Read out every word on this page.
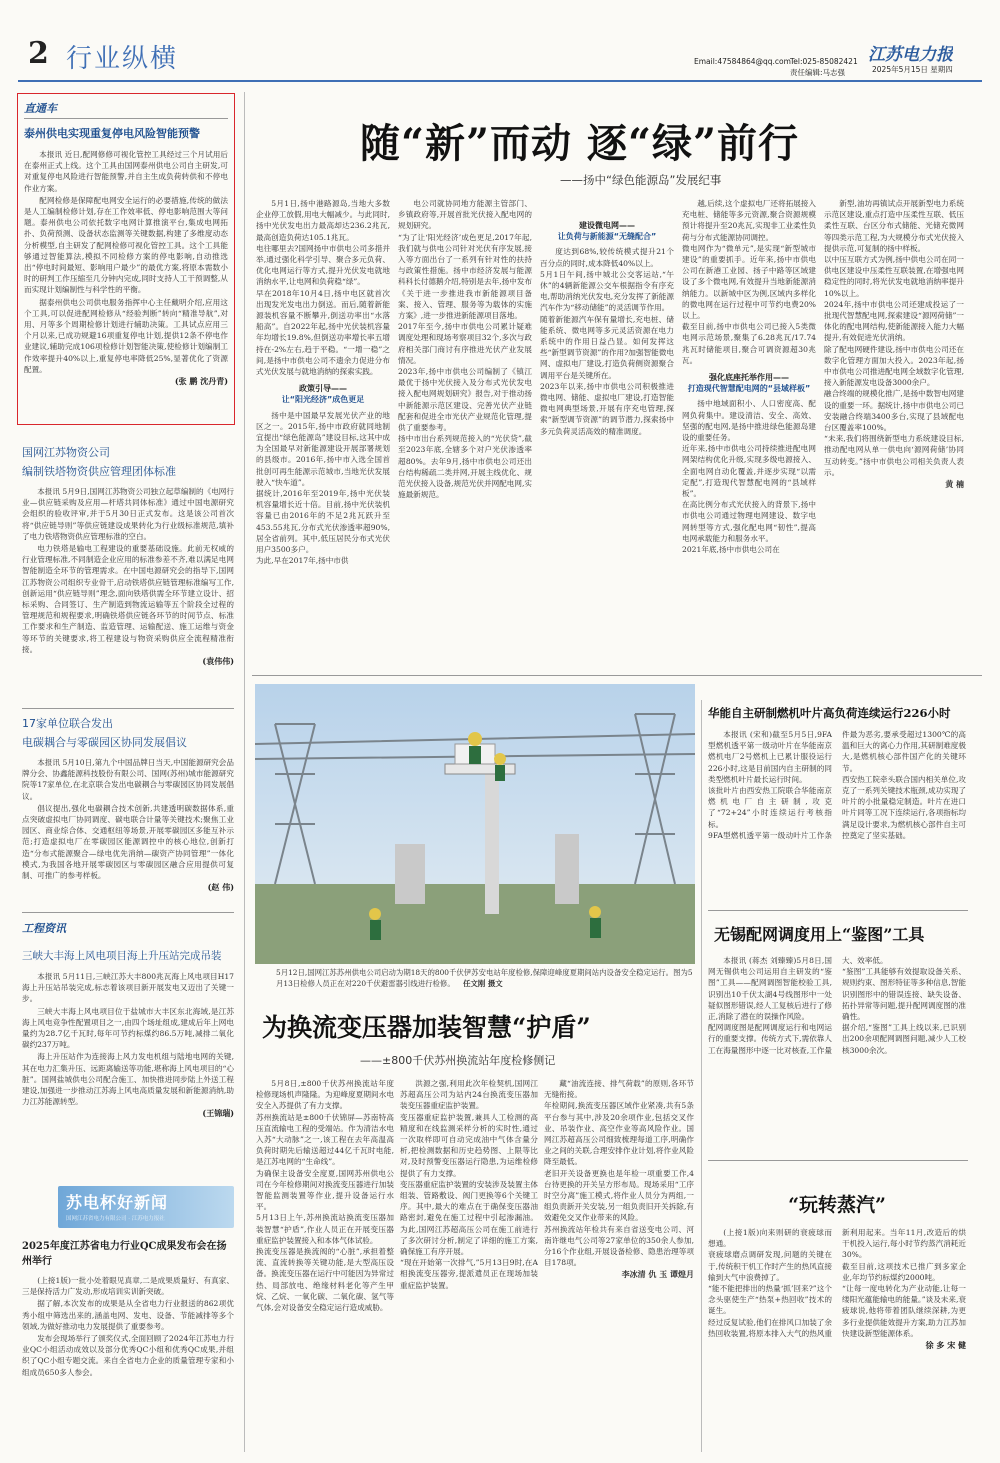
2 行业纵横	Email:47584864@qq.com Tel:025-85082421
责任编辑:马志强
江苏电力报
2025年5月15日 星期四
直通车
泰州供电实现重复停电风险智能预警

本报讯 近日,配网修修可视化管控工具经过三个月试用后在泰州正式上线。这个工具由国网泰州供电公司自主研发,可对重复停电风险进行智能预警,并自主生成负荷转供和不停电作业方案。

配网检修是保障配电网安全运行的必要措施,传统的做法是人工编制检修计划,存在工作效率低、停电影响范围大等问题。泰州供电公司依托数字电网计算推演平台,集成电网拓扑、负荷预测、设备状态监测等关键数据,构建了多维度动态分析模型,自主研发了配网检修可视化管控工具。这个工具能够通过智能算法,模拟不同检修方案的停电影响,自动推选出“停电时间最短、影响用户最少”的最优方案,将原本需数小时的研判工作压缩至几分钟内完成,同时支持人工干预调整,从而实现计划编制性与科学性的平衡。

据泰州供电公司供电服务指挥中心主任戴明介绍,应用这个工具,可以促进配网检修从“经验判断”转向“精准导航”,对用、月等多个周期检修计划进行辅助决策。工具试点应用三个月以来,已成功规避16项重复停电计划,提供12条不停电作业建议,辅助完成106项检修计划智能决策,使检修计划编制工作效率提升40%以上,重复停电率降低25%,显著优化了资源配置。

(张 鹏 沈丹青)
国网江苏物资公司
编制铁塔物资供应管理团体标准

本报讯 5月9日,国网江苏物资公司独立起草编制的《电网行业—供应链采购及应用—杆塔共同体标准》通过中国电源研究会组织的验收评审,并于5月30日正式发布。这是该公司首次将“供应链导则”等供应链建设成果转化为行业级标准规范,填补了电力铁塔物资供应管理标准的空白。

电力铁塔是输电工程建设的重要基础设施。此前无权威的行业管理标准,不同制造企业应用的标准参差不齐,难以满足电网智能制造全环节的管理需求。在中国电源研究会的指导下,国网江苏物资公司组织专业骨干,启动铁塔供应链管理标准编写工作,创新运用“供应链导则”理念,面向铁塔供需全环节建立设计、招标采购、合同签订、生产制造到物流运输等五个阶段全过程的管理规范和规程要求,明确铁塔供应链各环节的时间节点、标准工作要求和生产制造、监造管理、运输配送、施工运维与资金等环节的关键要求,将工程建设与物资采购供应全流程精准衔接。

(袁伟伟)
17家单位联合发出
电碳耦合与零碳园区协同发展倡议

本报讯 5月10日,第九个中国品牌日当天,中国能源研究会品牌分会、协鑫能源科技股份有限公司、国网(苏州)城市能源研究院等17家单位,在北京联合发出电碳耦合与零碳园区协同发展倡议。

倡议提出,强化电碳耦合技术创新,共建透明碳数据体系,重点突破虚拟电厂协同调度、碳电联合计量等关键技术;聚焦工业园区、商业综合体、交通枢纽等场景,开展零碳园区多能互补示范;打造虚拟电厂在零碳园区能源调控中的核心地位,创新打造“分布式能源聚合—绿电优先消纳—碳资产协同管理”一体化模式,为我国各地开展零碳园区与零碳园区融合应用提供可复制、可推广的参考样板。

(赵 伟)
工程资讯
三峡大丰海上风电项目海上升压站完成吊装

本报讯 5月11日,三峡江苏大丰800兆瓦海上风电项目H17海上升压站吊装完成,标志着该项目新开展发电又迈出了关键一步。

三峡大丰海上风电项目位于盐城市大丰区东北海域,是江苏海上风电竞争性配置项目之一,由四个场址组成,建成后年上网电量约为28.7亿千瓦时,每年可节约标煤约86.5万吨,减排二氧化碳约237万吨。

海上升压站作为连接海上风力发电机组与陆地电网的关键,其在电力汇集升压、远距离输送等功能,堪称海上风电项目的“心脏”。国网盐城供电公司配合施工、加快推进同步陆上外送工程建设,加强进一步推动江苏海上风电高质量发展和新能源消纳,助力江苏能源转型。

(王锦瑞)
苏电杯好新闻
国网江苏省电力有限公司 · 江苏电力报社
2025年度江苏省电力行业QC成果发布会在扬州举行

(上接1版)一批小处着眼见真章,二是成果质量好、有真家、三是保持活力广发动,形成培训实训新突破。

据了解,本次发布的成果是从全省电力行业报送的862项优秀小组中筛选出来的,涵盖电网、发电、设备、节能减排等多个领域,为做好推动电力发展提供了重要参考。

发布会现场举行了颁奖仪式,全面回顾了2024年江苏电力行业QC小组活动成效以及部分优秀QC小组和优秀QC成果,并组织了QC小组专题交流。来自全省电力企业的质量管理专家和小组成员650多人参会。

随“新”而动 逐“绿”前行
——扬中“绿色能源岛”发展纪事

5月1日,扬中港路源岛,当地大多数企业停工放假,用电大幅减少。与此同时,扬中光伏发电出力最高却达236.2兆瓦,最高创造负荷达105.1兆瓦。
电往哪里去?国网扬中市供电公司多措并举,通过强化科学引导、聚合多元负荷、优化电网运行等方式,提升光伏发电就地消纳水平,让电网和负荷稳“绿”。
早在2018年10月4日,扬中电区就首次出现发光发电出力倒送。而后,随着新能源装机容量不断攀升,倒送功率出“水落船高”。自2022年起,扬中光伏装机容量年均增长19.8%,但倒送功率增长率五增持在-2%左右,趋于平稳。“一增一稳”之间,是扬中市供电公司不遗余力促进分布式光伏发展与就地消纳的探索实践。

政策引导——
让“阳光经济”成色更足

扬中是中国最早发展光伏产业的地区之一。2015年,扬中市政府就同地制宜提出“绿色能源岛”建设目标,这其中成为全国最早对新能源建设开展部署规划的县级市。2016年,扬中市入选全国首批创可再生能源示范城市,当地光伏发展驶入“快车道”。
据统计,2016年至2019年,扬中光伏装机容量增长近十倍。目前,扬中光伏装机容量已由2016年的不足2兆瓦跃升至453.55兆瓦,分布式光伏渗透率超90%,居全省前列。其中,低压居民分布式光伏用户3500多户。
为此,早在2017年,扬中市供

电公司就协同地方能源主管部门、乡镇政府等,开展首批光伏接入配电网的规划研究。
“为了让‘阳光经济’成色更足,2017年起,我们就与供电公司针对光伏有序发展,接入等方面出台了一系列有针对性的扶持与政策性措施。扬中市经济发展与能源科科长付德鹅介绍,特别是去年,扬中发布《关于进一步推进我市新能源项目备案、接入、管理、服务等为载体的实施方案》,进一步推进新能源项目落地。
2017年至今,扬中市供电公司累计疑难调度处理和现场考察项目32个,多次与政府相关部门商讨有序推进光伏产业发展情况。
2023年,扬中市供电公司编制了《镇江最优于扬中光伏接入及分布式光伏发电接入配电网规划研究》报告,对于推动扬中新能源示范区建设、完善光伏产业链配套和促进全市光伏产业规范化管理,提供了重要参考。
扬中市出台系列规范接入的“光伏贷”,截至2023年底,全辖多个对户光伏渗透率超80%。去年9月,扬中市供电公司还出台结构稀疏二类并网,开展主线优化、规范光伏接入设备,规范光伏并网配电网,实施最新规范。

建设微电网——
让负荷与新能源“无缝配合”

度达到68%,较传统模式提升21个百分点的同时,成本降低40%以上。
5月1日午间,扬中城北公交客运站,“午休”的4辆新能源公交车根据指令有序充电,帮助消纳光伏发电,充分发挥了新能源汽车作为“移动储能”的灵活调节作用。
随着新能源汽车保有量增长,充电桩、储能系统、微电网等多元灵活资源在电力系统中的作用日益凸显。如何发挥这些“新型调节资源”的作用?加强智能微电网、虚拟电厂建设,打造负荷侧资源聚合调用平台是关键所在。
2023年以来,扬中市供电公司积极推进微电网、储能、虚拟电厂建设,打造智能微电网典型场景,开展有序充电管理,探索“新型调节资源”的调节潜力,探索扬中多元负荷灵活高效的精准调度。

越,后续,这个虚拟电厂还将拓展接入充电桩、储能等多元资源,聚合资源规模预计将提升至20兆瓦,实现非工业柔性负荷与分布式能源协同调控。
微电网作为“微单元”,是实现“新型城市建设”的重要抓手。近年来,扬中市供电公司在新港工业园、扬子中路等区域建设了多个微电网,有效提升当地新能源消纳能力。以新城中区为例,区域内多样化的微电网在运行过程中可节约电费20%以上。
截至目前,扬中市供电公司已接入5类微电网示范场景,聚集了6.28兆瓦/17.74兆瓦时储能项目,聚合可调资源超30兆瓦。

强化底座托举作用——
打造现代智慧配电网的“县域样板”

扬中地域面积小、人口密度高、配网负荷集中。建设清洁、安全、高效、坚强的配电网,是扬中推进绿色能源岛建设的重要任务。
近年来,扬中市供电公司持续推进配电网网架结构优化升级,实现多级电源接入、全面电网自动化覆盖,并逐步实现“以需定配”,打造现代智慧配电网的“县域样板”。
在高比例分布式光伏接入的背景下,扬中市供电公司通过物理电网建设、数字电网转型等方式,强化配电网“韧性”,提高电网承载能力和服务水平。
2021年底,扬中市供电公司在

新型,油坊再镇试点开展新型电力系统示范区建设,重点打造中压柔性互联、低压柔性互联、台区分布式储能、光储充微网等四类示范工程,为大规模分布式光伏接入提供示范,可复制的扬中样板。
以中压互联方式为例,扬中供电公司在同一供电区建设中压柔性互联装置,在增强电网稳定性的同时,将光伏发电就地消纳率提升10%以上。
2024年,扬中市供电公司还建成投运了一批现代智慧配电网,探索建设“源网荷储”一体化的配电网结构,使新能源接入能力大幅提升,有效促进光伏消纳。
除了配电网硬件建设,扬中市供电公司还在数字化管理方面加大投入。2023年起,扬中市供电公司推进配电网全域数字化管理,接入新能源发电设备3000余户。
融合终端的规模化推广,是扬中数智电网建设的重要一环。据统计,扬中市供电公司已安装融合终端3400多台,实现了县域配电台区覆盖率100%。
“未来,我们将围绕新型电力系统建设目标,推动配电网从单一供电向‘源网荷储’协同互动转变。”扬中市供电公司相关负责人表示。

黄 楠
5月12日,国网江苏苏州供电公司启动为期18天的800千伏伊苏安电站年度检修,保障迎峰度夏期间站内设备安全稳定运行。图为5月13日检修人员正在对220千伏避雷器引线进行检修。 任文刚 摄文
华能自主研制燃机叶片高负荷连续运行226小时

本报讯 (宋和)截至5月5日,9FA型燃机透平第一级动叶片在华能南京燃机电厂2号燃机上已累计服役运行226小时,这是目前国内自主研制的同类型燃机叶片最长运行时间。
该批叶片由西安热工院联合华能南京燃机电厂自主研制,攻克了“72+24”小时连续运行考核指标。
9FA型燃机透平第一级动叶片工作条件最为恶劣,要承受超过1300℃的高温和巨大的离心力作用,其研制难度极大,是燃机核心部件国产化的关键环节。
西安热工院牵头联合国内相关单位,攻克了一系列关键技术瓶颈,成功实现了叶片的小批量稳定制造。叶片在进口叶片同等工况下连续运行,各项指标均满足设计要求,为燃机核心部件自主可控奠定了坚实基础。

无锡配网调度用上“鉴图”工具

本报讯 (蒋杰 刘臻臻)5月8日,国网无锡供电公司运用自主研发的“鉴图”工具——配网调图智能校验工具,识别出10千伏太湖4号线图形中一处疑似图形错误,经人工复核后进行了修正,消除了潜在的误操作风险。
配网调度图是配网调度运行和电网运行的重要支撑。传统方式下,需依靠人工在海量图形中逐一比对核查,工作量大、效率低。
“鉴图”工具能够有效提取设备关系、规则约束、图形特征等多种信息,智能识别图形中的错误连接、缺失设备、拓扑异常等问题,提升配网调度图的准确性。
据介绍,“鉴图”工具上线以来,已识别出200余项配网调图问题,减少人工校核3000余次。

为换流变压器加装智慧“护盾”
——±800千伏苏州换流站年度检修侧记

5月8日,±800千伏苏州换流站年度检修现场机声隆隆。为迎峰度夏期间水电安全入苏提供了有力支撑。
苏州换流站是±800千伏锦屏—苏南特高压直流输电工程的受端站。作为清洁水电入苏“大动脉”之一,该工程在去年高温高负荷时期先后输送超过44亿千瓦时电能,是江苏电网的“生命线”。
为确保主设备安全度夏,国网苏州供电公司在今年检修期间对换流变压器进行加装智能监测装置等作业,提升设备运行水平。
5月13日上午,苏州换流站换流变压器加装智慧“护盾”,作业人员正在开展变压器重症监护装置接入和本体气体试验。
换流变压器是换流阀的“心脏”,承担着整流、直流转换等关键功能,是大型高压设备。换流变压器在运行中可能因为异常过热、局部放电、绝缘材料老化等产生甲烷、乙烷、一氧化碳、二氧化碳、氢气等气体,会对设备安全稳定运行造成威胁。

洪源之强,利用此次年检契机,国网江苏超高压公司为站内24台换流变压器加装变压器重症监护装置。
变压器重症监护装置,兼具人工检测的高精度和在线监测采样分析的实时性,通过一次取样即可自动完成油中气体含量分析,把检测数据和历史趋势图、上限等比对,及时预警变压器运行隐患,为运维检修提供了有力支撑。
变压器重症监护装置的安装涉及装置主体组装、管路敷设、阀门更换等6个关键工序。其中,最大的难点在于确保变压器油路密封,避免在施工过程中引起渗漏油。为此,国网江苏超高压公司在施工前进行了多次研讨分析,制定了详细的施工方案,确保施工有序开展。
“现在开始第一次排气,”5月13日9时,在A相换流变压器旁,提派遣员正在现场加装重症监护装置。

藏“油流连接、排气荷载”的原则,各环节无缝衔接。
年检期间,换流变压器区域作业紧凑,共有5条平台参与其中,涉及20余项作业,包括交叉作业、吊装作业、高空作业等高风险作业。国网江苏超高压公司细致梳理每道工序,明确作业之间的关联,合理安排作业计划,将作业风险降至最低。
老旧开关设备更换也是年检一项重要工作,4台待更换的开关呈方形布局。现场采用“工序时空分离”施工模式,将作业人员分为两组,一组负责新开关安装,另一组负责旧开关拆除,有效避免交叉作业带来的风险。
苏州换流站年检共有来自省送变电公司、河南许继电气公司等27家单位的350余人参加,分16个作业组,开展设备检修、隐患治理等项目178项。

李冰清 仇 玉 谭煌月
“玩转蒸汽”

(上接1版)向来则研的衰疲球而想通。
衰疲球磨点调研发现,问题的关键在于,传统积干机工作时产生的热风直接输到大气中浪费掉了。
“能不能把排出的热量‘抓’回来?”这个念头驱使生产“热泵+热回收”技术的诞生。
经过反复试验,他们在排风口加装了余热回收装置,将原本排入大气的热风重新利用起来。当年11月,改造后的烘干机投入运行,每小时节约蒸汽消耗近30%。
截至目前,这项技术已推广到多家企业,年均节约标煤约2000吨。
“让每一度电转化为产业动能,让每一缕阳光蕴能输电的能量。”谈及未来,衰疲球说,他将带着团队继续深耕,为更多行业提供能效提升方案,助力江苏加快建设新型能源体系。

徐 多 宋 健
